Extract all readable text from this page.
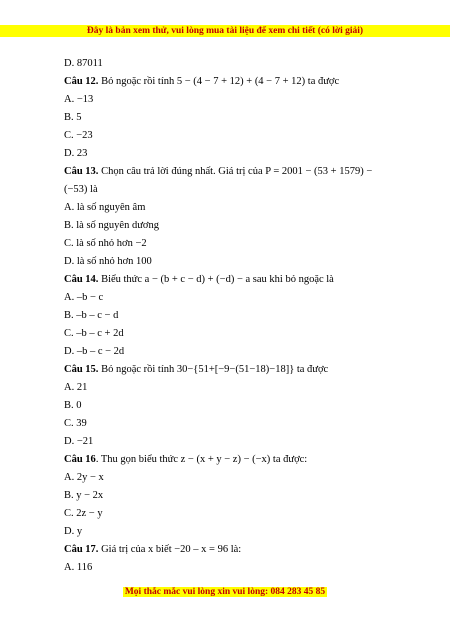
Đây là bản xem thử, vui lòng mua tài liệu để xem chi tiết (có lời giải)
D. 87011
Câu 12. Bỏ ngoặc rồi tính 5 − (4 − 7 + 12) + (4 − 7 + 12) ta được
A. −13
B. 5
C. −23
D. 23
Câu 13. Chọn câu trả lời đúng nhất. Giá trị của P = 2001 − (53 + 1579) −
(−53) là
A. là số nguyên âm
B. là số nguyên dương
C. là số nhỏ hơn −2
D. là số nhỏ hơn 100
Câu 14. Biểu thức a − (b + c − d) + (−d) − a sau khi bỏ ngoặc là
A. –b − c
B. –b – c − d
C. –b – c + 2d
D. –b – c − 2d
Câu 15. Bỏ ngoặc rồi tính 30−{51+[−9−(51−18)−18]} ta được
A. 21
B. 0
C. 39
D. −21
Câu 16. Thu gọn biểu thức z − (x + y − z) − (−x) ta được:
A. 2y − x
B. y − 2x
C. 2z − y
D. y
Câu 17. Giá trị của x biết −20 – x = 96 là:
A. 116
Mọi thắc mắc vui lòng xin vui lòng: 084 283 45 85
